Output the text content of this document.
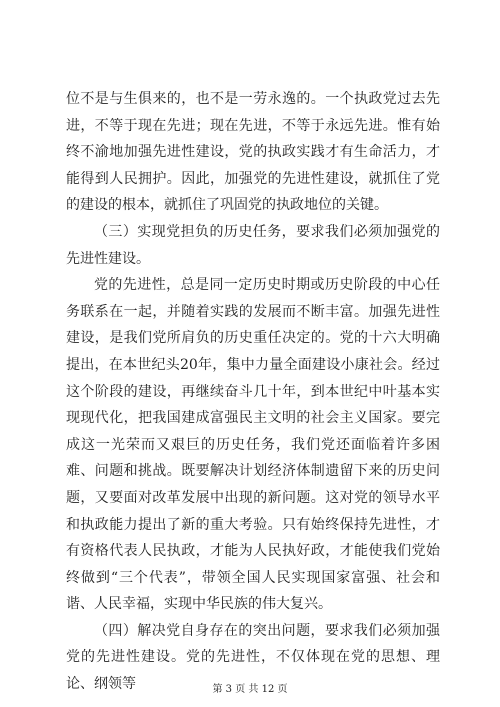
位不是与生俱来的，也不是一劳永逸的。一个执政党过去先进，不等于现在先进；现在先进，不等于永远先进。惟有始终不渝地加强先进性建设，党的执政实践才有生命活力，才能得到人民拥护。因此，加强党的先进性建设，就抓住了党的建设的根本，就抓住了巩固党的执政地位的关键。

（三）实现党担负的历史任务，要求我们必须加强党的先进性建设。

党的先进性，总是同一定历史时期或历史阶段的中心任务联系在一起，并随着实践的发展而不断丰富。加强先进性建设，是我们党所肩负的历史重任决定的。党的十六大明确提出，在本世纪头20年，集中力量全面建设小康社会。经过这个阶段的建设，再继续奋斗几十年，到本世纪中叶基本实现现代化，把我国建成富强民主文明的社会主义国家。要完成这一光荣而又艰巨的历史任务，我们党还面临着许多困难、问题和挑战。既要解决计划经济体制遗留下来的历史问题，又要面对改革发展中出现的新问题。这对党的领导水平和执政能力提出了新的重大考验。只有始终保持先进性，才有资格代表人民执政，才能为人民执好政，才能使我们党始终做到“三个代表”，带领全国人民实现国家富强、社会和谐、人民幸福，实现中华民族的伟大复兴。

（四）解决党自身存在的突出问题，要求我们必须加强党的先进性建设。党的先进性，不仅体现在党的思想、理论、纲领等	第 3 页 共 12 页
